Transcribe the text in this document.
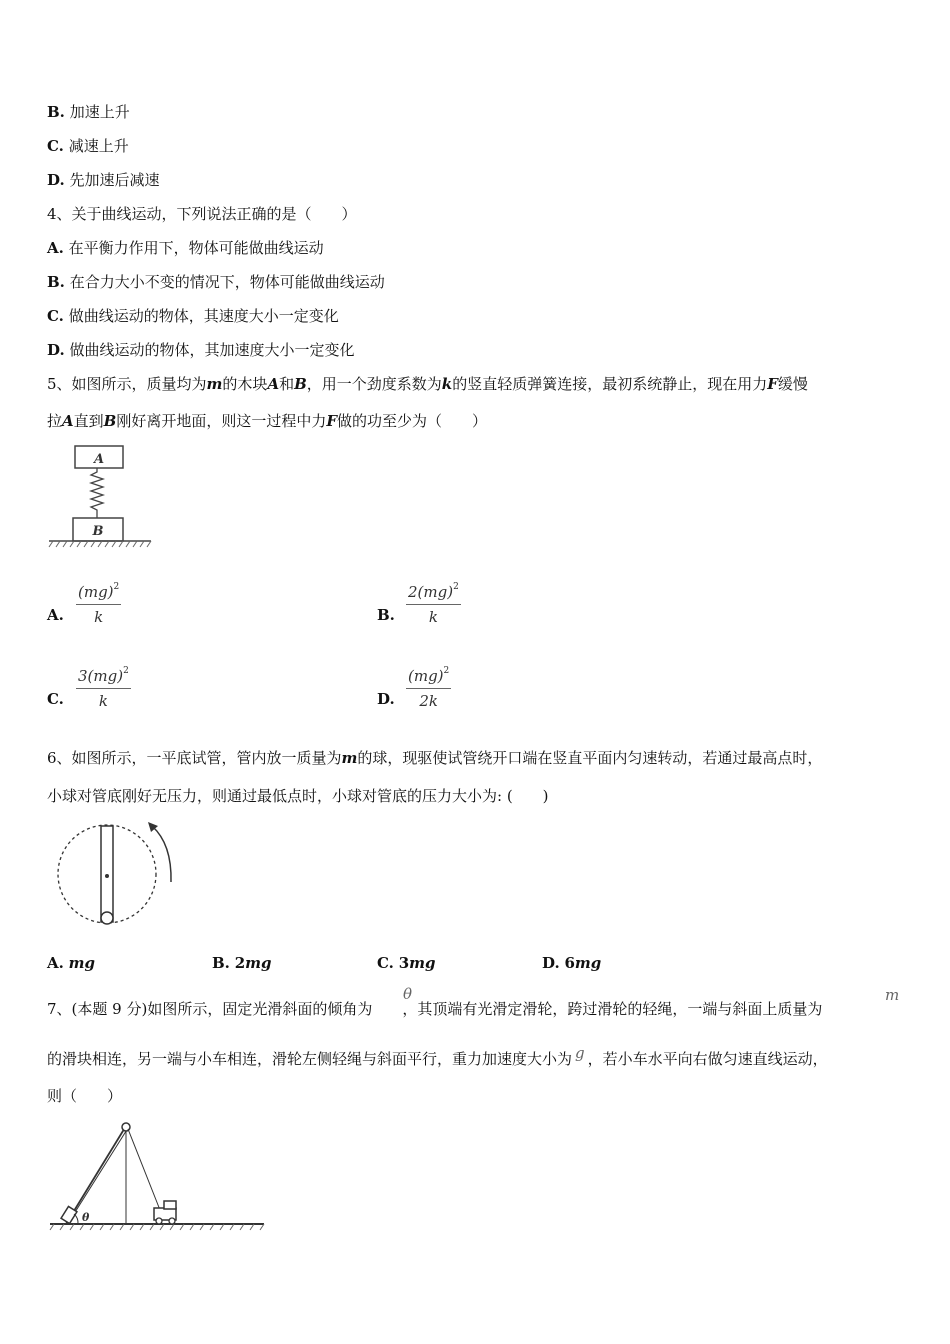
B. 加速上升
C. 减速上升
D. 先加速后减速
4、关于曲线运动，下列说法正确的是（　　）
A. 在平衡力作用下，物体可能做曲线运动
B. 在合力大小不变的情况下，物体可能做曲线运动
C. 做曲线运动的物体，其速度大小一定变化
D. 做曲线运动的物体，其加速度大小一定变化
5、如图所示，质量均为m的木块A和B，用一个劲度系数为k的竖直轻质弹簧连接，最初系统静止，现在用力F缓慢
拉A直到B刚好离开地面，则这一过程中力F做的功至少为（　　）
A
B
A. $\frac{(mg)^2}{k}$	B. $\frac{2(mg)^2}{k}$
C. $\frac{3(mg)^2}{k}$	D. $\frac{(mg)^2}{2k}$
6、如图所示，一平底试管，管内放一质量为m的球，现驱使试管绕开口端在竖直平面内匀速转动，若通过最高点时，
小球对管底刚好无压力，则通过最低点时，小球对管底的压力大小为: (　　)
A. mg	B. 2mg	C. 3mg	D. 6mg
7、(本题 9 分)如图所示，固定光滑斜面的倾角为 ，其顶端有光滑定滑轮，跨过滑轮的轻绳，一端与斜面上质量为
θ	m
的滑块相连，另一端与小车相连，滑轮左侧轻绳与斜面平行，重力加速度大小为 g ，若小车水平向右做匀速直线运动，
则（　　）
θ
